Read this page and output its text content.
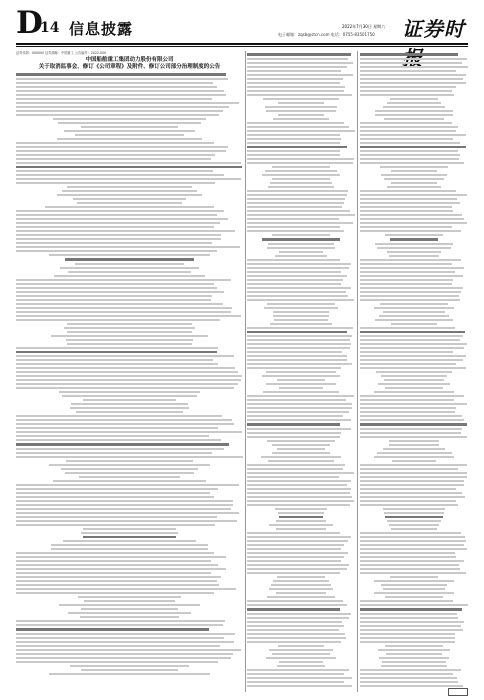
D
14 信息披露	2022年7月30日 星期六
电子邮箱：zqsb@stcn.com 电话：0755-83501750 证券时
证券代码：000000 证券简称：中国重工 公告编号：2022-000
中国船舶重工集团动力股份有限公司
关于取消监事会、修订《公司章程》及附件、修订公司部分治理制度的公告
